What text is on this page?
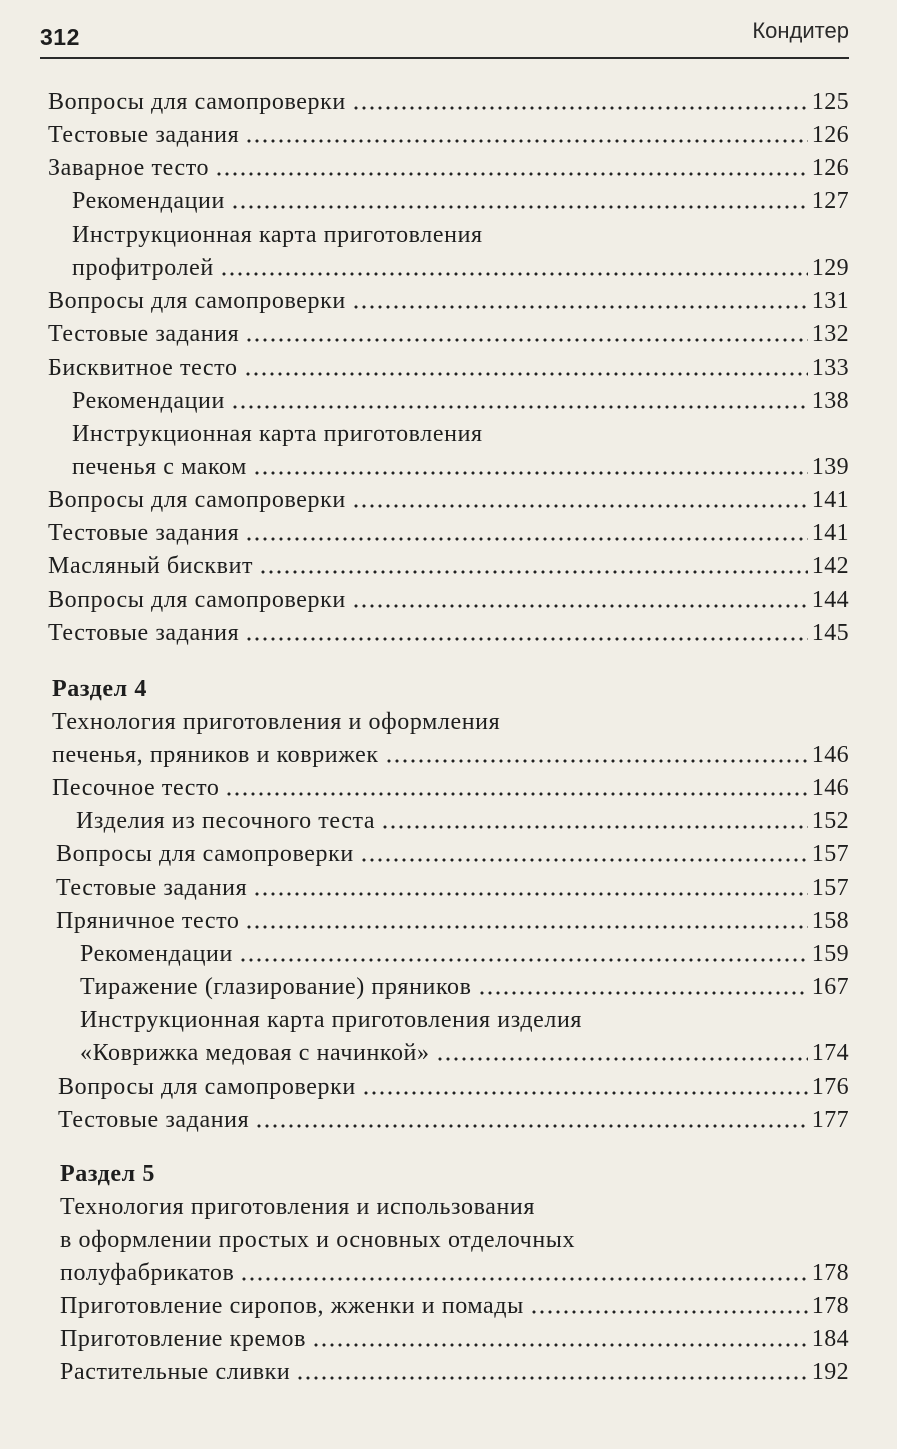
312	Кондитер
Вопросы для самопроверки	125
Тестовые задания	126
Заварное тесто	126
Рекомендации	127
Инструкционная карта приготовления
профитролей	129
Вопросы для самопроверки	131
Тестовые задания	132
Бисквитное тесто	133
Рекомендации	138
Инструкционная карта приготовления
печенья с маком	139
Вопросы для самопроверки	141
Тестовые задания	141
Масляный бисквит	142
Вопросы для самопроверки	144
Тестовые задания	145
Раздел 4
Технология приготовления и оформления
печенья, пряников и коврижек	146
Песочное тесто	146
Изделия из песочного теста	152
Вопросы для самопроверки	157
Тестовые задания	157
Пряничное тесто	158
Рекомендации	159
Тиражение (глазирование) пряников	167
Инструкционная карта приготовления изделия
«Коврижка медовая с начинкой»	174
Вопросы для самопроверки	176
Тестовые задания	177
Раздел 5
Технология приготовления и использования
в оформлении простых и основных отделочных
полуфабрикатов	178
Приготовление сиропов, жженки и помады	178
Приготовление кремов	184
Растительные сливки	192
